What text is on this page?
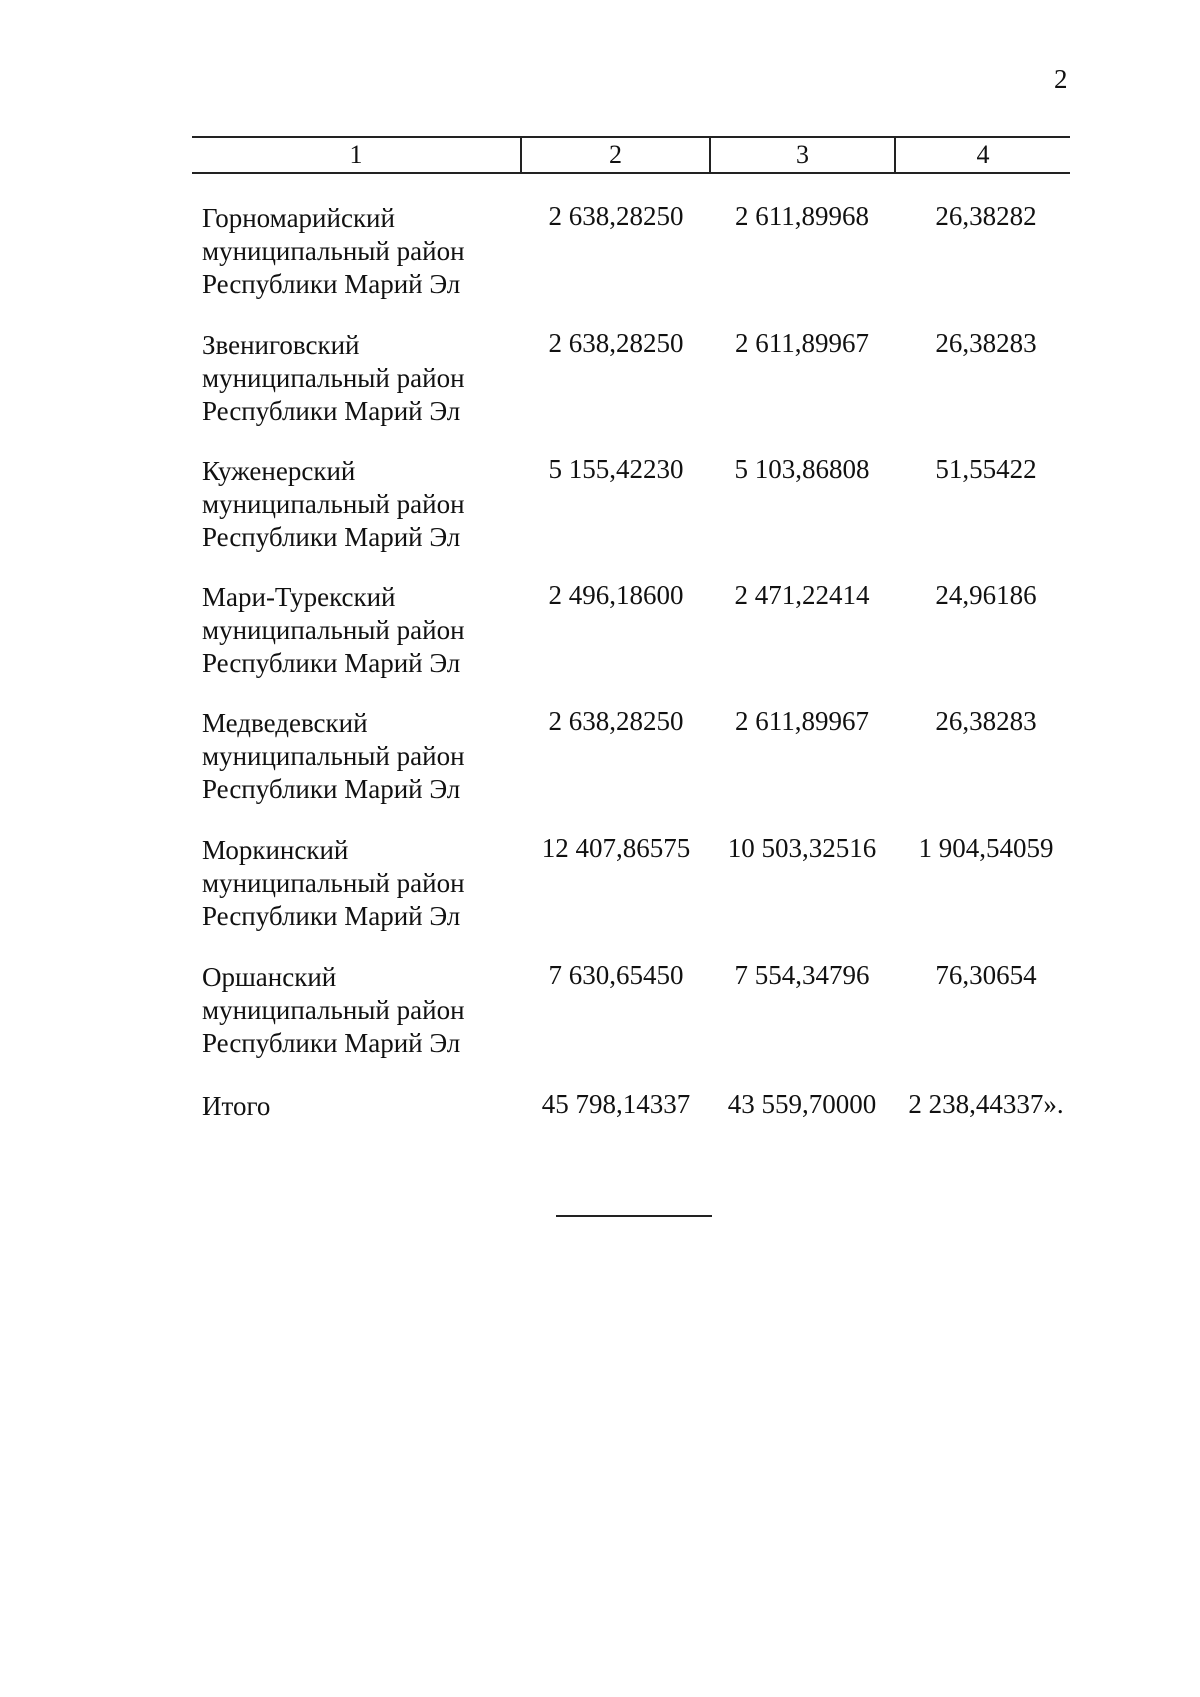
2
1	2	3	4
Горномарийский
муниципальный район
Республики Марий Эл
2 638,28250	2 611,89968	26,38282
Звениговский
муниципальный район
Республики Марий Эл
2 638,28250	2 611,89967	26,38283
Куженерский
муниципальный район
Республики Марий Эл
5 155,42230	5 103,86808	51,55422
Мари-Турекский
муниципальный район
Республики Марий Эл
2 496,18600	2 471,22414	24,96186
Медведевский
муниципальный район
Республики Марий Эл
2 638,28250	2 611,89967	26,38283
Моркинский
муниципальный район
Республики Марий Эл
12 407,86575	10 503,32516	1 904,54059
Оршанский
муниципальный район
Республики Марий Эл
7 630,65450	7 554,34796	76,30654
Итого	45 798,14337	43 559,70000	2 238,44337».
